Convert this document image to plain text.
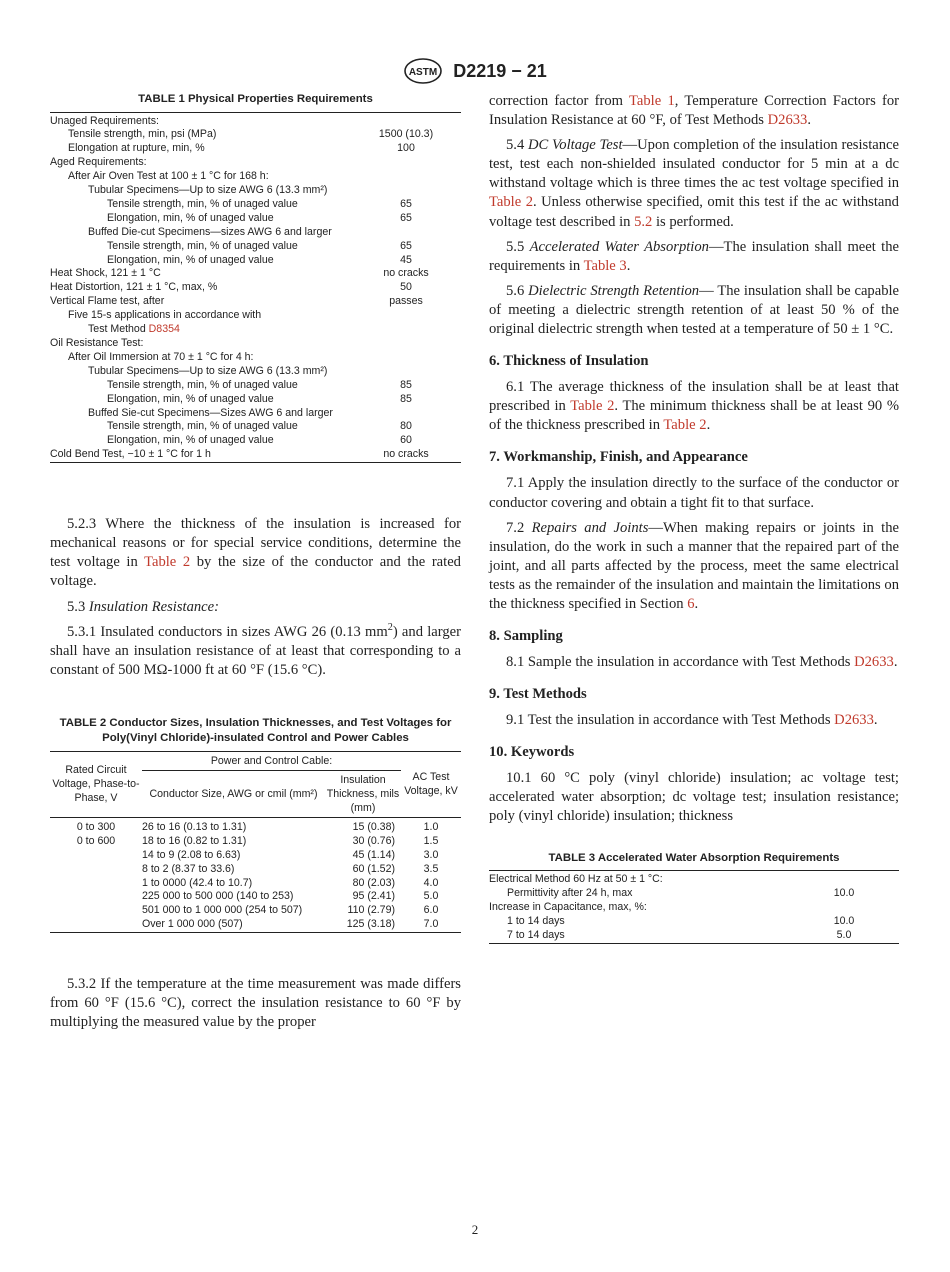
ASTM D2219 − 21
TABLE 1 Physical Properties Requirements
Unaged Requirements:	
Tensile strength, min, psi (MPa)	1500 (10.3)
Elongation at rupture, min, %	100
Aged Requirements:	
After Air Oven Test at 100 ± 1 °C for 168 h:	
Tubular Specimens—Up to size AWG 6 (13.3 mm²)	
Tensile strength, min, % of unaged value	65
Elongation, min, % of unaged value	65
Buffed Die-cut Specimens—sizes AWG 6 and larger	
Tensile strength, min, % of unaged value	65
Elongation, min, % of unaged value	45
Heat Shock, 121 ± 1 °C	no cracks
Heat Distortion, 121 ± 1 °C, max, %	50
Vertical Flame test, after	passes
Five 15-s applications in accordance with	
Test Method D8354	
Oil Resistance Test:	
After Oil Immersion at 70 ± 1 °C for 4 h:	
Tubular Specimens—Up to size AWG 6 (13.3 mm²)	
Tensile strength, min, % of unaged value	85
Elongation, min, % of unaged value	85
Buffed Sie-cut Specimens—Sizes AWG 6 and larger	
Tensile strength, min, % of unaged value	80
Elongation, min, % of unaged value	60
Cold Bend Test, −10 ± 1 °C for 1 h	no cracks

5.2.3 Where the thickness of the insulation is increased for mechanical reasons or for special service conditions, determine the test voltage in Table 2 by the size of the conductor and the rated voltage.

5.3 Insulation Resistance:

5.3.1 Insulated conductors in sizes AWG 26 (0.13 $mm^2$) and larger shall have an insulation resistance of at least that corresponding to a constant of 500 MΩ-1000 ft at 60 °F (15.6 °C).

TABLE 2 Conductor Sizes, Insulation Thicknesses, and Test Voltages for Poly(Vinyl Chloride)-insulated Control and Power Cables
Rated Circuit Voltage, Phase-to-Phase, V	Power and Control Cable:		AC Test Voltage, kV
	Conductor Size, AWG or cmil (mm²)	Insulation Thickness, mils (mm)	
0 to 300	26 to 16 (0.13 to 1.31)	15 (0.38)	1.0
0 to 600	18 to 16 (0.82 to 1.31)	30 (0.76)	1.5
	14 to 9 (2.08 to 6.63)	45 (1.14)	3.0
	8 to 2 (8.37 to 33.6)	60 (1.52)	3.5
	1 to 0000 (42.4 to 10.7)	80 (2.03)	4.0
	225 000 to 500 000 (140 to 253)	95 (2.41)	5.0
	501 000 to 1 000 000 (254 to 507)	110 (2.79)	6.0
	Over 1 000 000 (507)	125 (3.18)	7.0

5.3.2 If the temperature at the time measurement was made differs from 60 °F (15.6 °C), correct the insulation resistance to 60 °F by multiplying the measured value by the proper

correction factor from Table 1, Temperature Correction Factors for Insulation Resistance at 60 °F, of Test Methods D2633.

5.4 DC Voltage Test—Upon completion of the insulation resistance test, test each non-shielded insulated conductor for 5 min at a dc withstand voltage which is three times the ac test voltage specified in Table 2. Unless otherwise specified, omit this test if the ac withstand voltage test described in 5.2 is performed.

5.5 Accelerated Water Absorption—The insulation shall meet the requirements in Table 3.

5.6 Dielectric Strength Retention— The insulation shall be capable of meeting a dielectric strength retention of at least 50 % of the original dielectric strength when tested at a temperature of 50 ± 1 °C.

6. Thickness of Insulation

6.1 The average thickness of the insulation shall be at least that prescribed in Table 2. The minimum thickness shall be at least 90 % of the thickness prescribed in Table 2.

7. Workmanship, Finish, and Appearance

7.1 Apply the insulation directly to the surface of the conductor or conductor covering and obtain a tight fit to that surface.

7.2 Repairs and Joints—When making repairs or joints in the insulation, do the work in such a manner that the repaired part of the joint, and all parts affected by the process, meet the same electrical tests as the remainder of the insulation and maintain the limitations on the thickness specified in Section 6.

8. Sampling

8.1 Sample the insulation in accordance with Test Methods D2633.

9. Test Methods

9.1 Test the insulation in accordance with Test Methods D2633.

10. Keywords

10.1 60 °C poly (vinyl chloride) insulation; ac voltage test; accelerated water absorption; dc voltage test; insulation resistance; poly (vinyl chloride) insulation; thickness

TABLE 3 Accelerated Water Absorption Requirements
Electrical Method 60 Hz at 50 ± 1 °C:	
Permittivity after 24 h, max	10.0
Increase in Capacitance, max, %:	
1 to 14 days	10.0
7 to 14 days	5.0
2
